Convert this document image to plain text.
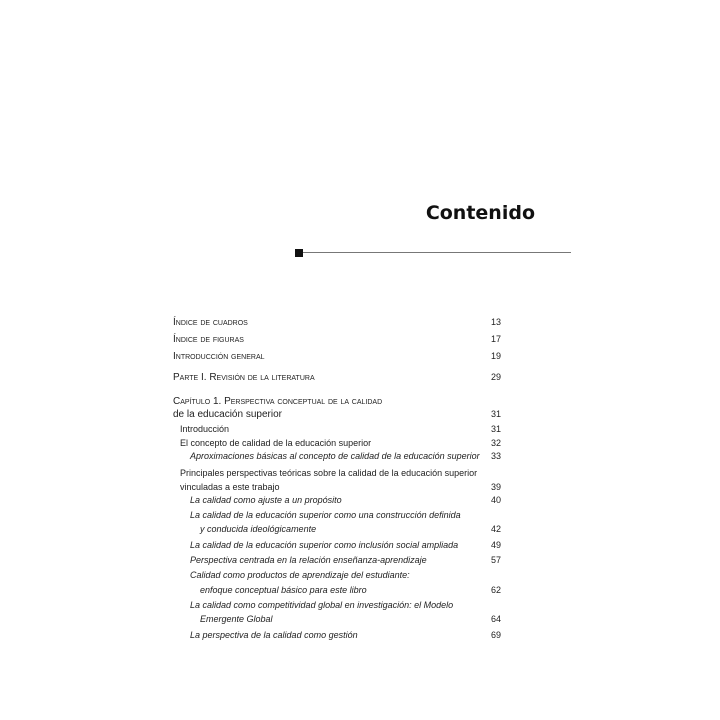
Contenido
Índice de cuadros	13
Índice de figuras	17
Introducción general	19
Parte I. Revisión de la literatura	29
Capítulo 1. Perspectiva conceptual de la calidad
de la educación superior	31
Introducción	31
El concepto de calidad de la educación superior	32
Aproximaciones básicas al concepto de calidad de la educación superior	33
Principales perspectivas teóricas sobre la calidad de la educación superior
vinculadas a este trabajo	39
La calidad como ajuste a un propósito	40
La calidad de la educación superior como una construcción definida
y conducida ideológicamente	42
La calidad de la educación superior como inclusión social ampliada	49
Perspectiva centrada en la relación enseñanza-aprendizaje	57
Calidad como productos de aprendizaje del estudiante:
enfoque conceptual básico para este libro	62
La calidad como competitividad global en investigación: el Modelo
Emergente Global	64
La perspectiva de la calidad como gestión	69
